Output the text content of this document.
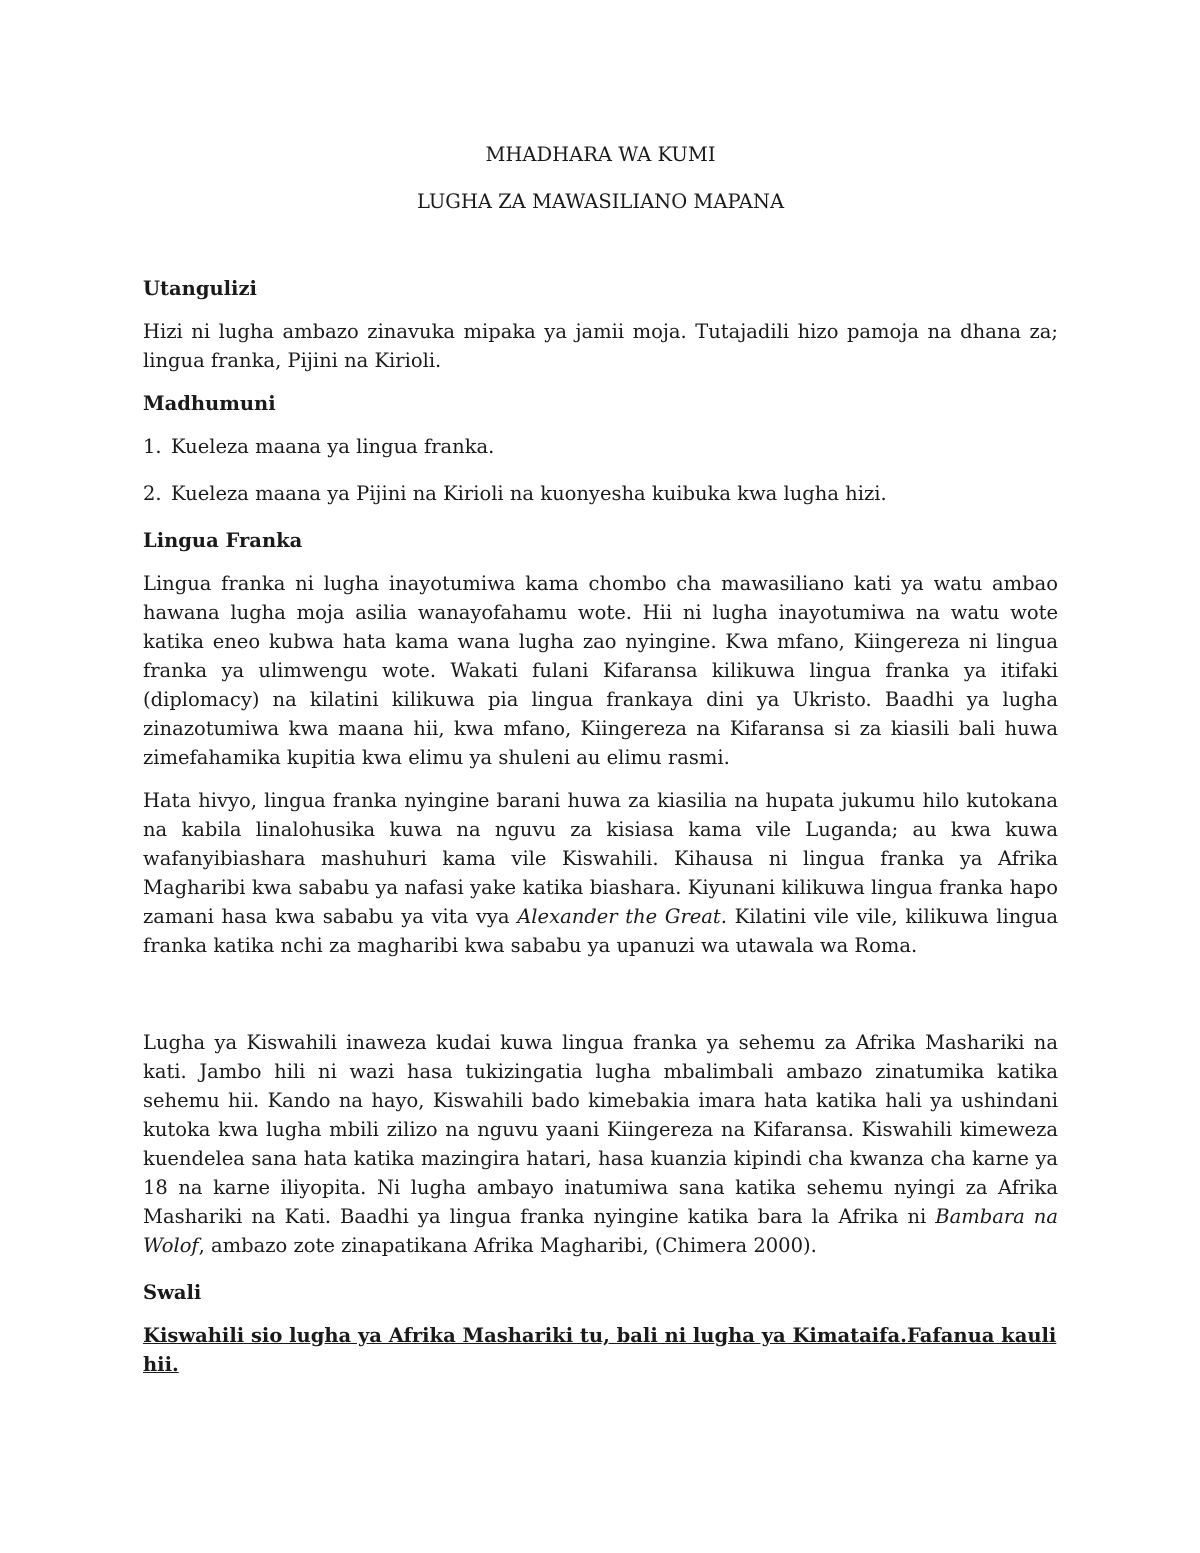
MHADHARA WA KUMI
LUGHA ZA MAWASILIANO MAPANA
Utangulizi

Hizi ni lugha ambazo zinavuka mipaka ya jamii moja. Tutajadili hizo pamoja na dhana za; lingua franka, Pijini na Kirioli.

Madhumuni
1. Kueleza maana ya lingua franka.
2. Kueleza maana ya Pijini na Kirioli na kuonyesha kuibuka kwa lugha hizi.
Lingua Franka

Lingua franka ni lugha inayotumiwa kama chombo cha mawasiliano kati ya watu ambao hawana lugha moja asilia wanayofahamu wote. Hii ni lugha inayotumiwa na watu wote katika eneo kubwa hata kama wana lugha zao nyingine. Kwa mfano, Kiingereza ni lingua franka ya ulimwengu wote. Wakati fulani Kifaransa kilikuwa lingua franka ya itifaki (diplomacy) na kilatini kilikuwa pia lingua frankaya dini ya Ukristo. Baadhi ya lugha zinazotumiwa kwa maana hii, kwa mfano, Kiingereza na Kifaransa si za kiasili bali huwa zimefahamika kupitia kwa elimu ya shuleni au elimu rasmi.

Hata hivyo, lingua franka nyingine barani huwa za kiasilia na hupata jukumu hilo kutokana na kabila linalohusika kuwa na nguvu za kisiasa kama vile Luganda; au kwa kuwa wafanyibiashara mashuhuri kama vile Kiswahili. Kihausa ni lingua franka ya Afrika Magharibi kwa sababu ya nafasi yake katika biashara. Kiyunani kilikuwa lingua franka hapo zamani hasa kwa sababu ya vita vya Alexander the Great. Kilatini vile vile, kilikuwa lingua franka katika nchi za magharibi kwa sababu ya upanuzi wa utawala wa Roma.

Lugha ya Kiswahili inaweza kudai kuwa lingua franka ya sehemu za Afrika Mashariki na kati. Jambo hili ni wazi hasa tukizingatia lugha mbalimbali ambazo zinatumika katika sehemu hii. Kando na hayo, Kiswahili bado kimebakia imara hata katika hali ya ushindani kutoka kwa lugha mbili zilizo na nguvu yaani Kiingereza na Kifaransa. Kiswahili kimeweza kuendelea sana hata katika mazingira hatari, hasa kuanzia kipindi cha kwanza cha karne ya 18 na karne iliyopita. Ni lugha ambayo inatumiwa sana katika sehemu nyingi za Afrika Mashariki na Kati. Baadhi ya lingua franka nyingine katika bara la Afrika ni Bambara na Wolof, ambazo zote zinapatikana Afrika Magharibi, (Chimera 2000).

Swali

Kiswahili sio lugha ya Afrika Mashariki tu, bali ni lugha ya Kimataifa.Fafanua kauli hii.
